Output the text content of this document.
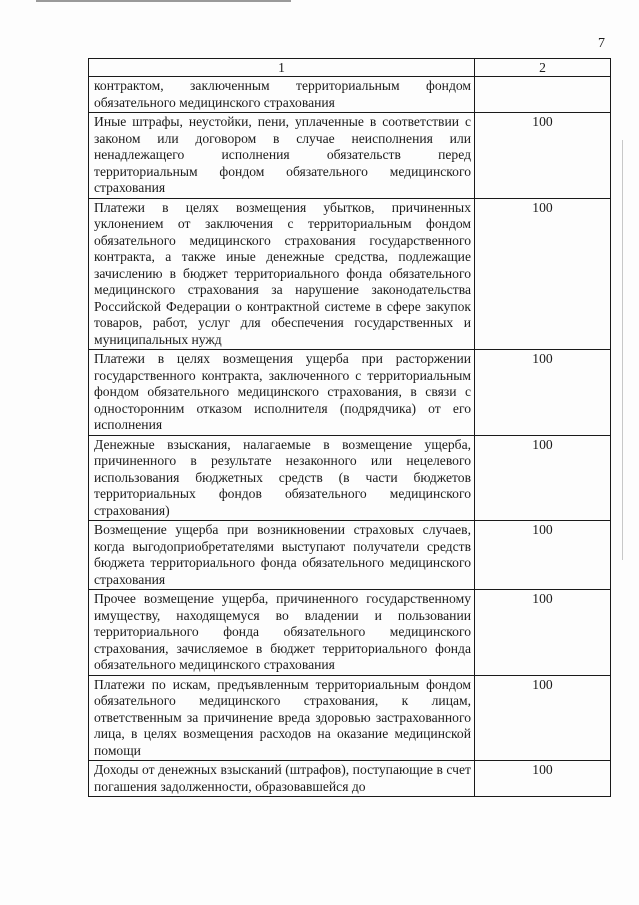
7
1	2
контрактом, заключенным территориальным фондом обязательного медицинского страхования	
Иные штрафы, неустойки, пени, уплаченные в соответствии с законом или договором в случае неисполнения или ненадлежащего исполнения обязательств перед территориальным фондом обязательного медицинского страхования	100
Платежи в целях возмещения убытков, причиненных уклонением от заключения с территориальным фондом обязательного медицинского страхования государственного контракта, а также иные денежные средства, подлежащие зачислению в бюджет территориального фонда обязательного медицинского страхования за нарушение законодательства Российской Федерации о контрактной системе в сфере закупок товаров, работ, услуг для обеспечения государственных и муниципальных нужд	100
Платежи в целях возмещения ущерба при расторжении государственного контракта, заключенного с территориальным фондом обязательного медицинского страхования, в связи с односторонним отказом исполнителя (подрядчика) от его исполнения	100
Денежные взыскания, налагаемые в возмещение ущерба, причиненного в результате незаконного или нецелевого использования бюджетных средств (в части бюджетов территориальных фондов обязательного медицинского страхования)	100
Возмещение ущерба при возникновении страховых случаев, когда выгодоприобретателями выступают получатели средств бюджета территориального фонда обязательного медицинского страхования	100
Прочее возмещение ущерба, причиненного государственному имуществу, находящемуся во владении и пользовании территориального фонда обязательного медицинского страхования, зачисляемое в бюджет территориального фонда обязательного медицинского страхования	100
Платежи по искам, предъявленным территориальным фондом обязательного медицинского страхования, к лицам, ответственным за причинение вреда здоровью застрахованного лица, в целях возмещения расходов на оказание медицинской помощи	100
Доходы от денежных взысканий (штрафов), поступающие в счет погашения задолженности, образовавшейся до	100
